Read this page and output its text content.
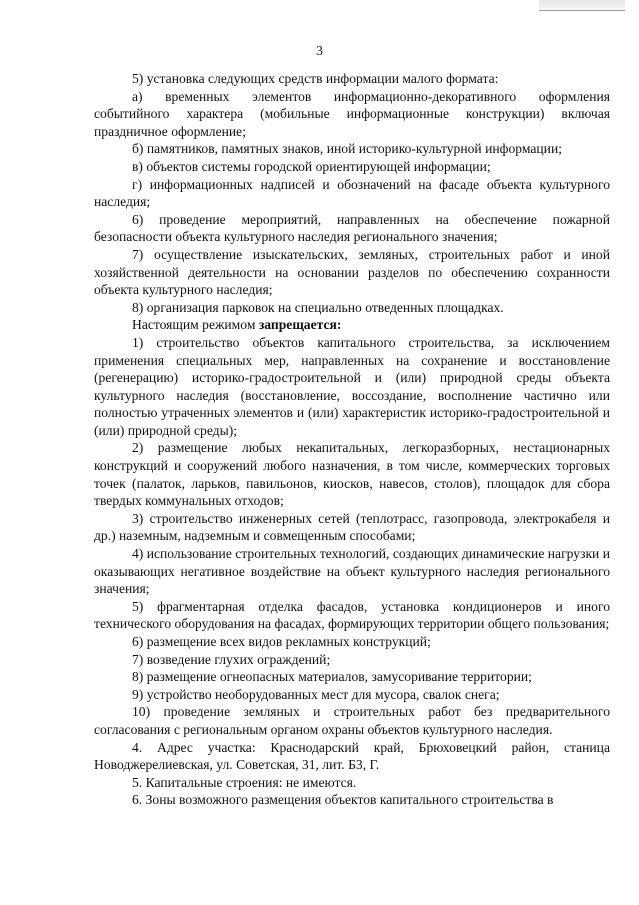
3

5) установка следующих средств информации малого формата:

а) временных элементов информационно-декоративного оформления событийного характера (мобильные информационные конструкции) включая праздничное оформление;

б) памятников, памятных знаков, иной историко-культурной информации;

в) объектов системы городской ориентирующей информации;

г) информационных надписей и обозначений на фасаде объекта культурного наследия;

6) проведение мероприятий, направленных на обеспечение пожарной безопасности объекта культурного наследия регионального значения;

7) осуществление изыскательских, земляных, строительных работ и иной хозяйственной деятельности на основании разделов по обеспечению сохранности объекта культурного наследия;

8) организация парковок на специально отведенных площадках.

Настоящим режимом запрещается:

1) строительство объектов капитального строительства, за исключением применения специальных мер, направленных на сохранение и восстановление (регенерацию) историко-градостроительной и (или) природной среды объекта культурного наследия (восстановление, воссоздание, восполнение частично или полностью утраченных элементов и (или) характеристик историко-градостроительной и (или) природной среды);

2) размещение любых некапитальных, легкоразборных, нестационарных конструкций и сооружений любого назначения, в том числе, коммерческих торговых точек (палаток, ларьков, павильонов, киосков, навесов, столов), площадок для сбора твердых коммунальных отходов;

3) строительство инженерных сетей (теплотрасс, газопровода, электрокабеля и др.) наземным, надземным и совмещенным способами;

4) использование строительных технологий, создающих динамические нагрузки и оказывающих негативное воздействие на объект культурного наследия регионального значения;

5) фрагментарная отделка фасадов, установка кондиционеров и иного технического оборудования на фасадах, формирующих территории общего пользования;

6) размещение всех видов рекламных конструкций;

7) возведение глухих ограждений;

8) размещение огнеопасных материалов, замусоривание территории;

9) устройство необорудованных мест для мусора, свалок снега;

10) проведение земляных и строительных работ без предварительного согласования с региональным органом охраны объектов культурного наследия.

4. Адрес участка: Краснодарский край, Брюховецкий район, станица Новоджерелиевская, ул. Советская, 31, лит. Б3, Г.

5. Капитальные строения: не имеются.

6. Зоны возможного размещения объектов капитального строительства в
